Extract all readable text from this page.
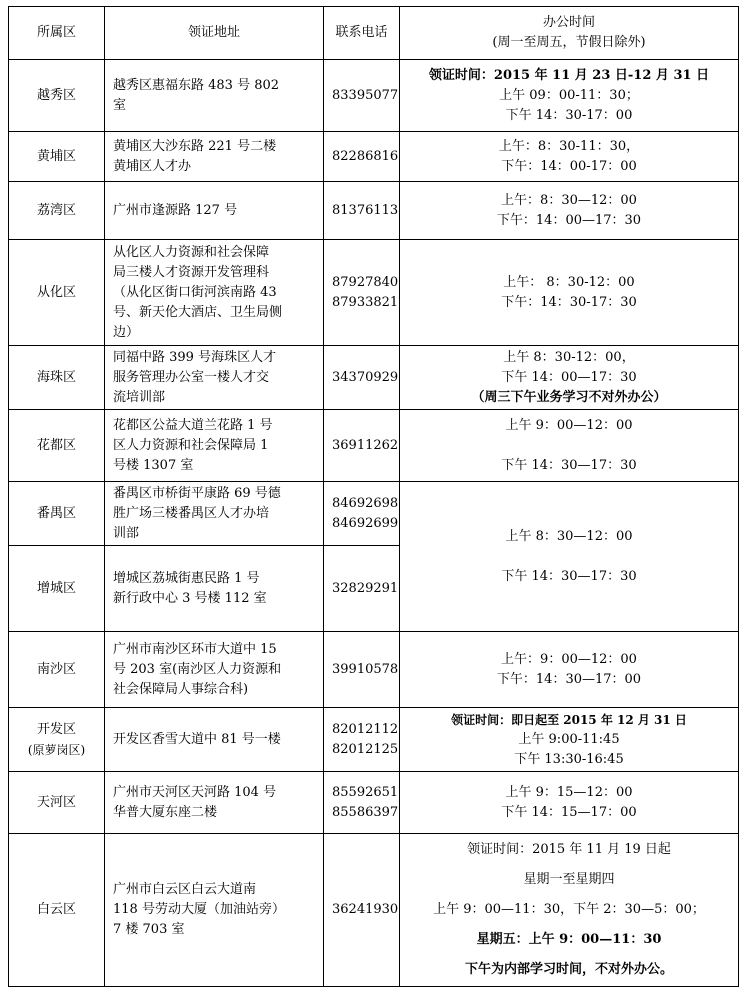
所属区	领证地址	联系电话	办公时间
(周一至周五，节假日除外)

越秀区	越秀区惠福东路 483 号 802
室	83395077	领证时间：2015 年 11 月 23 日-12 月 31 日
上午 09：00-11：30；
下午 14：30-17：00

黄埔区	黄埔区大沙东路 221 号二楼
黄埔区人才办	82286816	上午：8：30-11：30，
下午：14：00-17：00

荔湾区	广州市逢源路 127 号	81376113	上午：8：30—12：00
下午：14：00—17：30

从化区	从化区人力资源和社会保障
局三楼人才资源开发管理科
（从化区街口街河滨南路 43
号、新天伦大酒店、卫生局侧
边）	87927840
87933821	上午： 8：30-12：00
下午：14：30-17：30

海珠区	同福中路 399 号海珠区人才
服务管理办公室一楼人才交
流培训部	34370929	上午 8：30-12：00，
下午 14：00—17：30
（周三下午业务学习不对外办公）

花都区	花都区公益大道兰花路 1 号
区人力资源和社会保障局 1
号楼 1307 室	36911262	上午 9：00—12：00
下午 14：30—17：30

番禺区	番禺区市桥街平康路 69 号德
胜广场三楼番禺区人才办培
训部	84692698
84692699	上午 8：30—12：00
下午 14：30—17：30

增城区	增城区荔城街惠民路 1 号
新行政中心 3 号楼 112 室	32829291	
南沙区	广州市南沙区环市大道中 15
号 203 室(南沙区人力资源和
社会保障局人事综合科)	39910578	上午：9：00—12：00
下午：14：30—17：00

开发区
(原萝岗区)	开发区香雪大道中 81 号一楼	82012112
82012125	领证时间：即日起至 2015 年 12 月 31 日
上午 9:00-11:45
下午 13:30-16:45

天河区	广州市天河区天河路 104 号
华普大厦东座二楼	85592651
85586397	上午 9：15—12：00
下午 14：15—17：00

白云区	广州市白云区白云大道南
118 号劳动大厦（加油站旁）
7 楼 703 室	36241930	领证时间：2015 年 11 月 19 日起
星期一至星期四
上午 9：00—11：30，下午 2：30—5：00；
星期五：上午 9：00—11：30
下午为内部学习时间，不对外办公。
